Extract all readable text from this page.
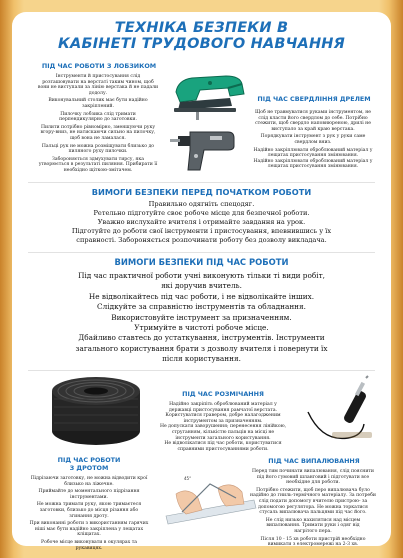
ТЕХНІКА БЕЗПЕКИ В
КАБІНЕТІ ТРУДОВОГО НАВЧАННЯ
ПІД ЧАС РОБОТИ З ЛОБЗИКОМ

Інструменти й пристосування слід

розташовувати на верстаті таким чином, щоб

вони не виступали за лінію верстака й не падали

додолу.

Виконувальний столик має бути надійно

закріплений.

Пилочку лобзика слід тримати

перпендикулярно до заготовки.

Пилити потрібно рівномірно, зменшуючи руку

вгору-вниз, не натискаючи сильно на пилочку,

щоб вона не ламалася.

Пальці рук не можна розміщувати близько до

пиляного руху пилочки.

Забороняється здмухувати тирсу, яка

утворюється в результаті пиляння. Прибирати її

необхідно щіткою-змітачем.

ПІД ЧАС СВЕРДЛІННЯ ДРЕЛЕМ

Щоб не травмуватися руками інструментом, не

слід класти його свердлом до себе. Потрібно

стежити, щоб свердло наповнюреною, дрилі не

виступало за край краю верстака.

Порядкувати інструмент з рук у руки саме

свердлом вниз.

Надійно закріплювати оброблюваний матеріал у

лещатах пристосування змінювання.

Надійно закріплювати оброблюваний матеріал у

лещатах пристосування змінювання.

ВИМОГИ БЕЗПЕКИ ПЕРЕД ПОЧАТКОМ РОБОТИ

Правильно одягніть спецодяг.

Ретельно підготуйте своє робоче місце для безпечної роботи.

Уважно вислухайте вчителя і отримайте завдання на урок.

Підготуйте до роботи свої інструменти і пристосування, впевнившись у їх

справності. Забороняється розпочинати роботу без дозволу викладача.

ВИМОГИ БЕЗПЕКИ ПІД ЧАС РОБОТИ

Під час практичної роботи учні виконують тільки ті види робіт,

які доручив вчитель.

Не відволікайтесь під час роботи, і не відволікайте інших.

Слідкуйте за справністю інструментів та обладнання.

Використовуйте інструмент за призначенням.

Утримуйте в чистоті робоче місце.

Дбайливо ставтесь до устаткування, інструментів. Інструменти

загального користування брати з дозволу вчителя і повернути їх

після користування.

ПІД ЧАС РОЗМІЧАННЯ

Надійно закріпіть оброблюваний матеріал у

державці пристосування рамчатої верстата.

Користуватися гравером, добре налагодженим

інструментом за призначенням.

Не допускати заворушення; перенесення лінійкою,

струганням, кількістю пальців на місці не

інструменти загального користування.

Не відволікатися під час роботи, користуватися

справними пристосуваннями роботи.

ПІД ЧАС РОБОТИ
З ДРОТОМ

Підрізаючи заготовку, не можна відводити крої

близько на ліжечке.

Приймайте до моментального підрізання

інструментами.

Не можна тримати руку, якою тримаєтеся

заготовки, близько до місця різання або

згинання дроту.

При виконанні роботи з використанням гарячих

ніші має бути надійно закріплена у лещатах

кліщатах.

Робоче місце виконувати в окулярах та

рукавицях.

45°
ПІД ЧАС ВИПАЛЮВАННЯ

Перед тим починати випалювання, слід пояснити

під його гумовий шланговий і підготувати все

необхідне для роботи.

Потрібно стежити, щоб перо випалювача було

надійно до гниль-термічного матеріалу. За потреби

слід подати допомогу вчителю пристрою- за

допомогою регулятора. Не можна торкатися

стусаль випалювача пальцями під час його.

Не слід низько нахилятися над місцем

випалювання. Тримати руки і одяг від

нагрітого пера.

Після 10 - 15 хв роботи пристрій необхідно

вимикати з електромережі на 2-3 хв.
